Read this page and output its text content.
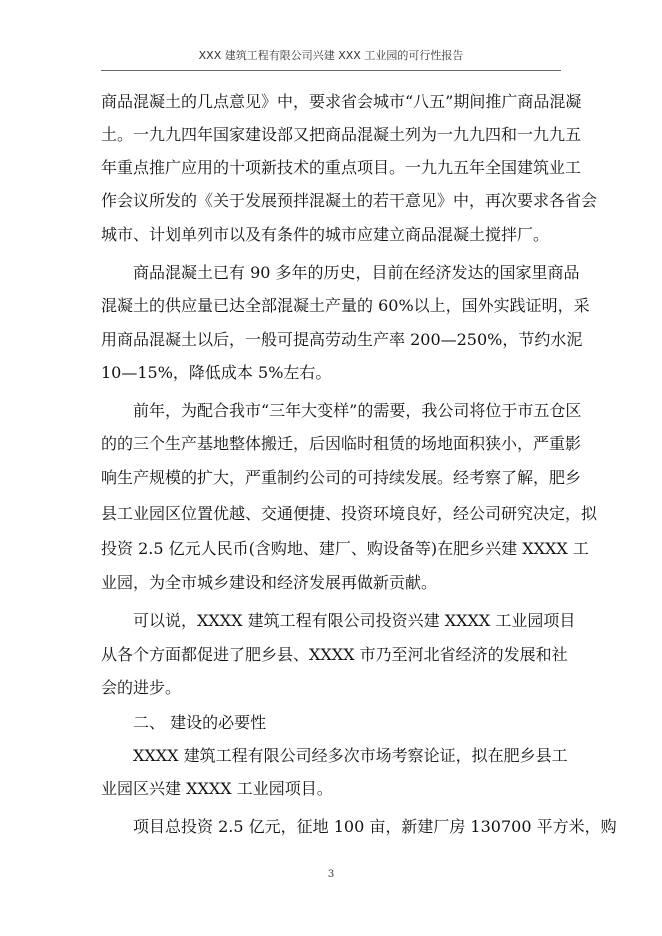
XXX 建筑工程有限公司兴建 XXX 工业园的可行性报告
商品混凝土的几点意见》中，要求省会城市“八五”期间推广商品混凝
土。一九九四年国家建设部又把商品混凝土列为一九九四和一九九五
年重点推广应用的十项新技术的重点项目。一九九五年全国建筑业工
作会议所发的《关于发展预拌混凝土的若干意见》中，再次要求各省会
城市、计划单列市以及有条件的城市应建立商品混凝土搅拌厂。
商品混凝土已有 90 多年的历史，目前在经济发达的国家里商品
混凝土的供应量已达全部混凝土产量的 60%以上，国外实践证明，采
用商品混凝土以后，一般可提高劳动生产率 200—250%，节约水泥
10—15%，降低成本 5%左右。
前年，为配合我市“三年大变样”的需要，我公司将位于市五仓区
的的三个生产基地整体搬迁，后因临时租赁的场地面积狭小，严重影
响生产规模的扩大，严重制约公司的可持续发展。经考察了解，肥乡
县工业园区位置优越、交通便捷、投资环境良好，经公司研究决定，拟
投资 2.5 亿元人民币(含购地、建厂、购设备等)在肥乡兴建 XXXX 工
业园，为全市城乡建设和经济发展再做新贡献。
可以说，XXXX 建筑工程有限公司投资兴建 XXXX 工业园项目
从各个方面都促进了肥乡县、XXXX 市乃至河北省经济的发展和社
会的进步。
二、 建设的必要性
XXXX 建筑工程有限公司经多次市场考察论证，拟在肥乡县工
业园区兴建 XXXX 工业园项目。
项目总投资 2.5 亿元，征地 100 亩，新建厂房 130700 平方米，购
3
